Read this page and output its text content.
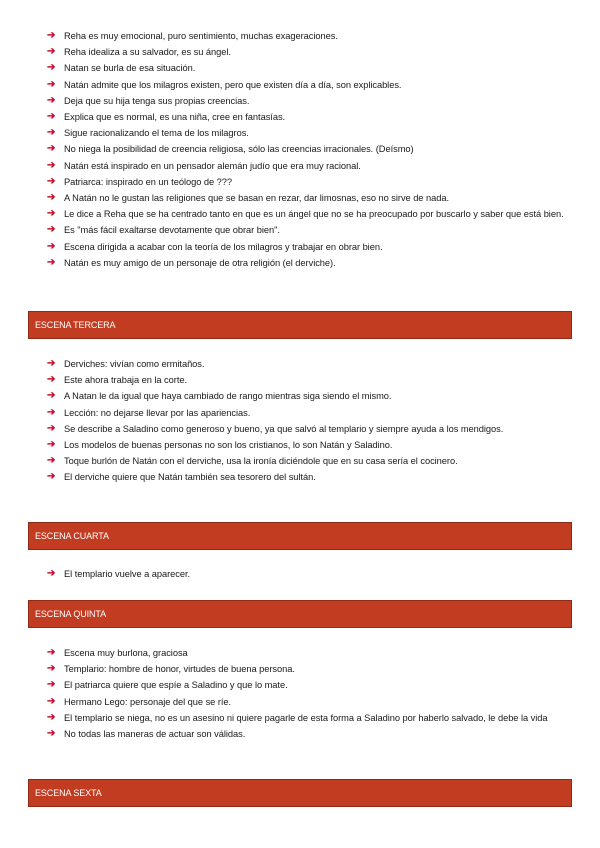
➔ Reha es muy emocional, puro sentimiento, muchas exageraciones.
➔ Reha idealiza a su salvador, es su ángel.
➔ Natan se burla de esa situación.
➔ Natán admite que los milagros existen, pero que existen día a día, son explicables.
➔ Deja que su hija tenga sus propias creencias.
➔ Explica que es normal, es una niña, cree en fantasías.
➔ Sigue racionalizando el tema de los milagros.
➔ No niega la posibilidad de creencia religiosa, sólo las creencias irracionales. (Deísmo)
➔ Natán está inspirado en un pensador alemán judío que era muy racional.
➔ Patriarca: inspirado en un teólogo de ???
➔ A Natán no le gustan las religiones que se basan en rezar, dar limosnas, eso no sirve de nada.
➔ Le dice a Reha que se ha centrado tanto en que es un ángel que no se ha preocupado por buscarlo y saber que está bien.
➔ Es "más fácil exaltarse devotamente que obrar bien".
➔ Escena dirigida a acabar con la teoría de los milagros y trabajar en obrar bien.
➔ Natán es muy amigo de un personaje de otra religión (el derviche).
ESCENA TERCERA
➔ Derviches: vivían como ermitaños.
➔ Este ahora trabaja en la corte.
➔ A Natan le da igual que haya cambiado de rango mientras siga siendo el mismo.
➔ Lección: no dejarse llevar por las apariencias.
➔ Se describe a Saladino como generoso y bueno, ya que salvó al templario y siempre ayuda a los mendigos.
➔ Los modelos de buenas personas no son los cristianos, lo son Natán y Saladino.
➔ Toque burlón de Natán con el derviche, usa la ironía diciéndole que en su casa sería el cocinero.
➔ El derviche quiere que Natán también sea tesorero del sultán.
ESCENA CUARTA
➔ El templario vuelve a aparecer.
ESCENA QUINTA
➔ Escena muy burlona, graciosa
➔ Templario: hombre de honor, virtudes de buena persona.
➔ El patriarca quiere que espíe a Saladino y que lo mate.
➔ Hermano Lego: personaje del que se ríe.
➔ El templario se niega, no es un asesino ni quiere pagarle de esta forma a Saladino por haberlo salvado, le debe la vida
➔ No todas las maneras de actuar son válidas.
ESCENA SEXTA
